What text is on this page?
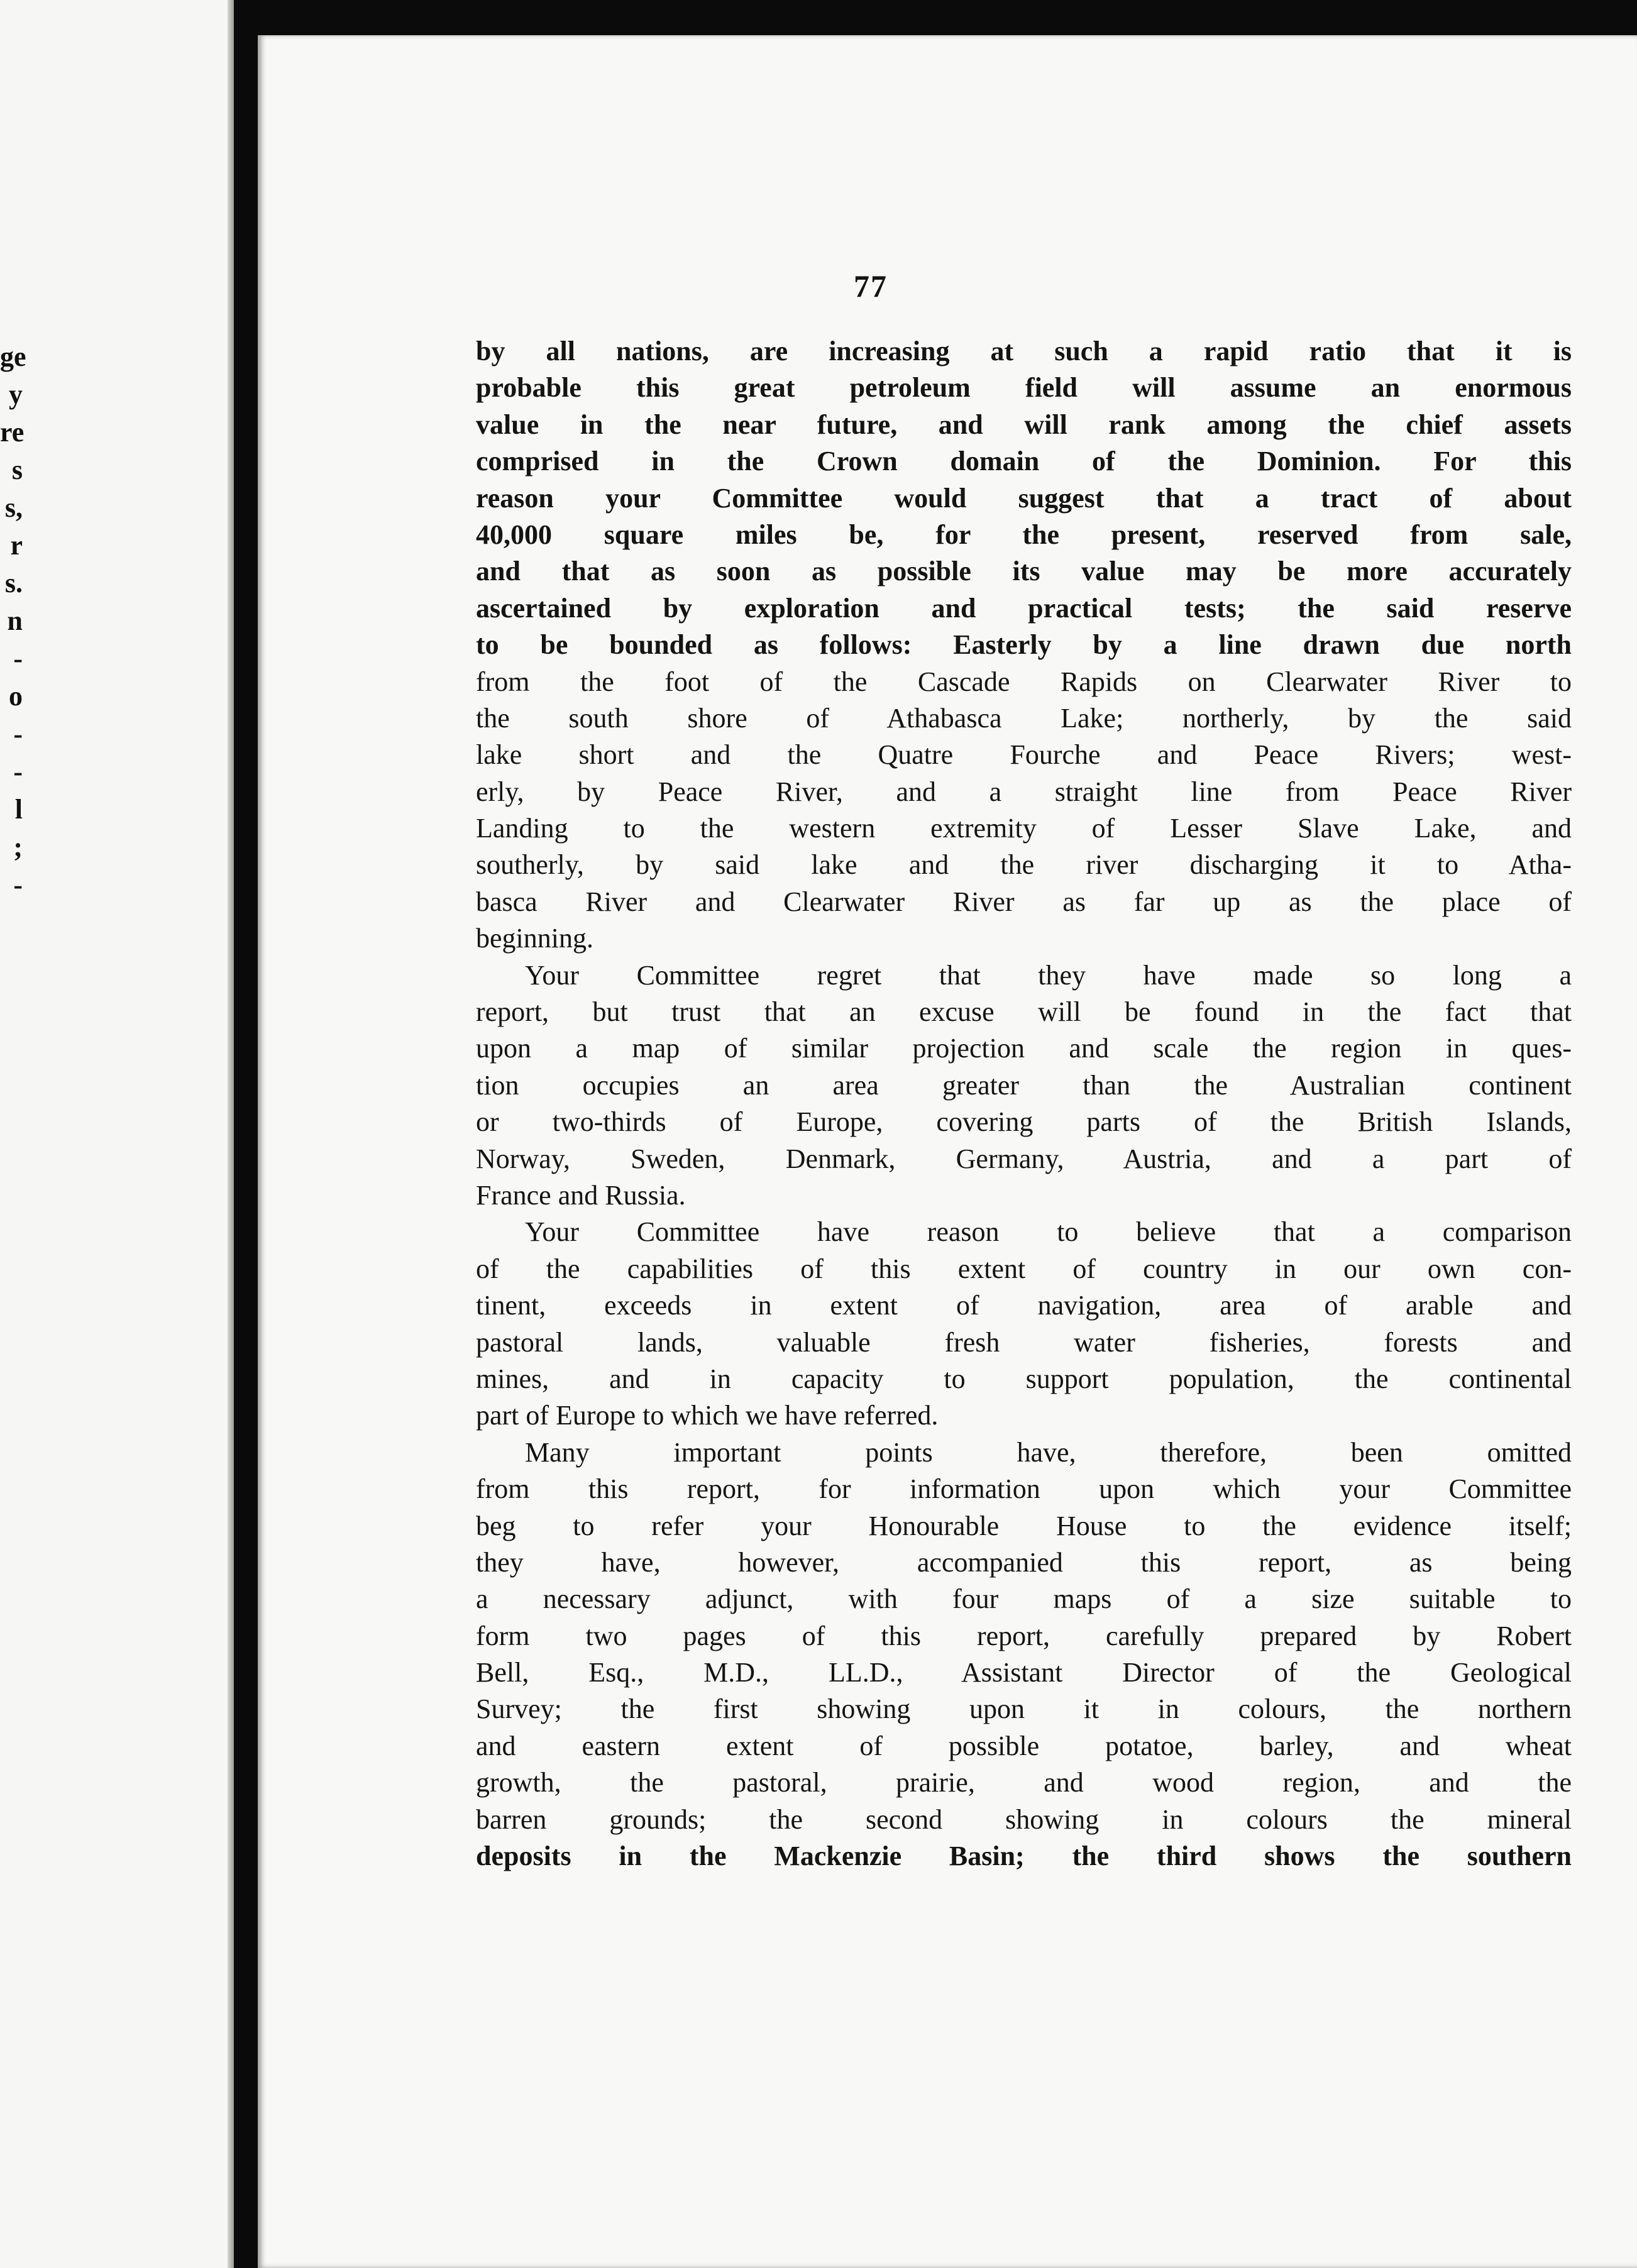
ge
y
re
s
s,
r
s.
n
-
o
-
-
l
;
-
77
by all nations, are increasing at such a rapid ratio that it is
probable this great petroleum field will assume an enormous
value in the near future, and will rank among the chief assets
comprised in the Crown domain of the Dominion. For this
reason your Committee would suggest that a tract of about
40,000 square miles be, for the present, reserved from sale,
and that as soon as possible its value may be more accurately
ascertained by exploration and practical tests; the said reserve
to be bounded as follows: Easterly by a line drawn due north
from the foot of the Cascade Rapids on Clearwater River to
the south shore of Athabasca Lake; northerly, by the said
lake short and the Quatre Fourche and Peace Rivers; west-
erly, by Peace River, and a straight line from Peace River
Landing to the western extremity of Lesser Slave Lake, and
southerly, by said lake and the river discharging it to Atha-
basca River and Clearwater River as far up as the place of
beginning.
Your Committee regret that they have made so long a
report, but trust that an excuse will be found in the fact that
upon a map of similar projection and scale the region in ques-
tion occupies an area greater than the Australian continent
or two-thirds of Europe, covering parts of the British Islands,
Norway, Sweden, Denmark, Germany, Austria, and a part of
France and Russia.
Your Committee have reason to believe that a comparison
of the capabilities of this extent of country in our own con-
tinent, exceeds in extent of navigation, area of arable and
pastoral lands, valuable fresh water fisheries, forests and
mines, and in capacity to support population, the continental
part of Europe to which we have referred.
Many important points have, therefore, been omitted
from this report, for information upon which your Committee
beg to refer your Honourable House to the evidence itself;
they have, however, accompanied this report, as being
a necessary adjunct, with four maps of a size suitable to
form two pages of this report, carefully prepared by Robert
Bell, Esq., M.D., LL.D., Assistant Director of the Geological
Survey; the first showing upon it in colours, the northern
and eastern extent of possible potatoe, barley, and wheat
growth, the pastoral, prairie, and wood region, and the
barren grounds; the second showing in colours the mineral
deposits in the Mackenzie Basin; the third shows the southern
